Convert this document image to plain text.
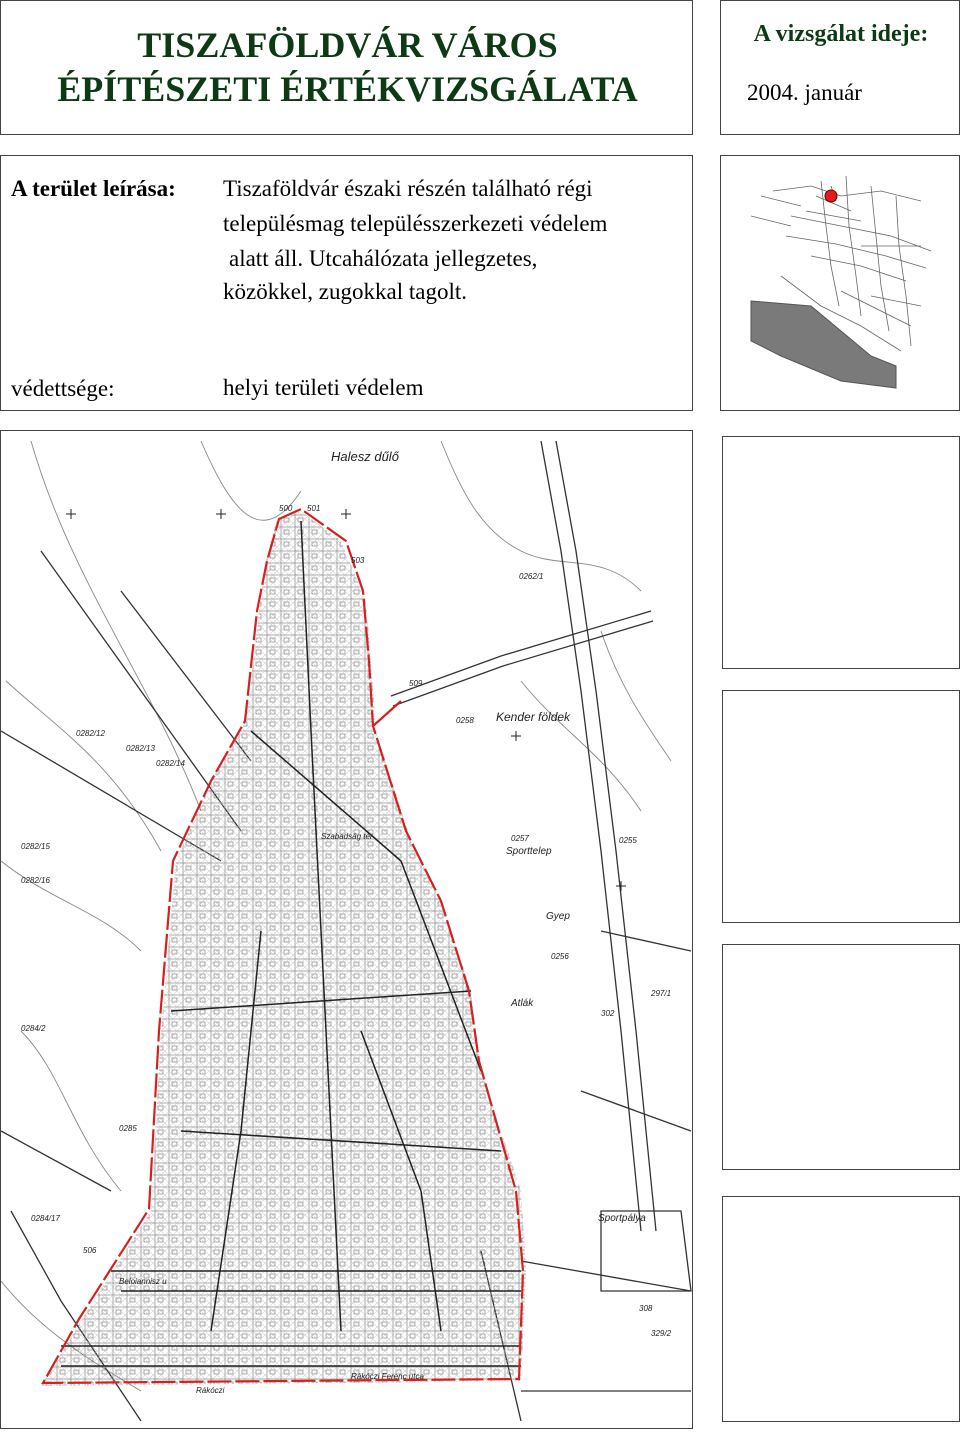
TISZAFÖLDVÁR VÁROS
ÉPÍTÉSZETI ÉRTÉKVIZSGÁLATA
A vizsgálat ideje:
2004. január
A terület leírása: Tiszaföldvár északi részén található régi
településmag településszerkezeti védelem
alatt áll. Utcahálózata jellegzetes,
közökkel, zugokkal tagolt.
védettsége:	helyi területi védelem
Halesz dűlő
Kender földek
Sporttelep
Sportpálya
Gyep
Atlák
Rákóczi Ferenc utca
Rákóczi
Beloiannisz u
Szabadság tér
500 501
503
506
509
0258
0257
0256
0255
0262/1
0282/12
0282/13
0282/14
0282/15
0282/16
0284/2
0284/17
0285
302
308
297/1
329/2
